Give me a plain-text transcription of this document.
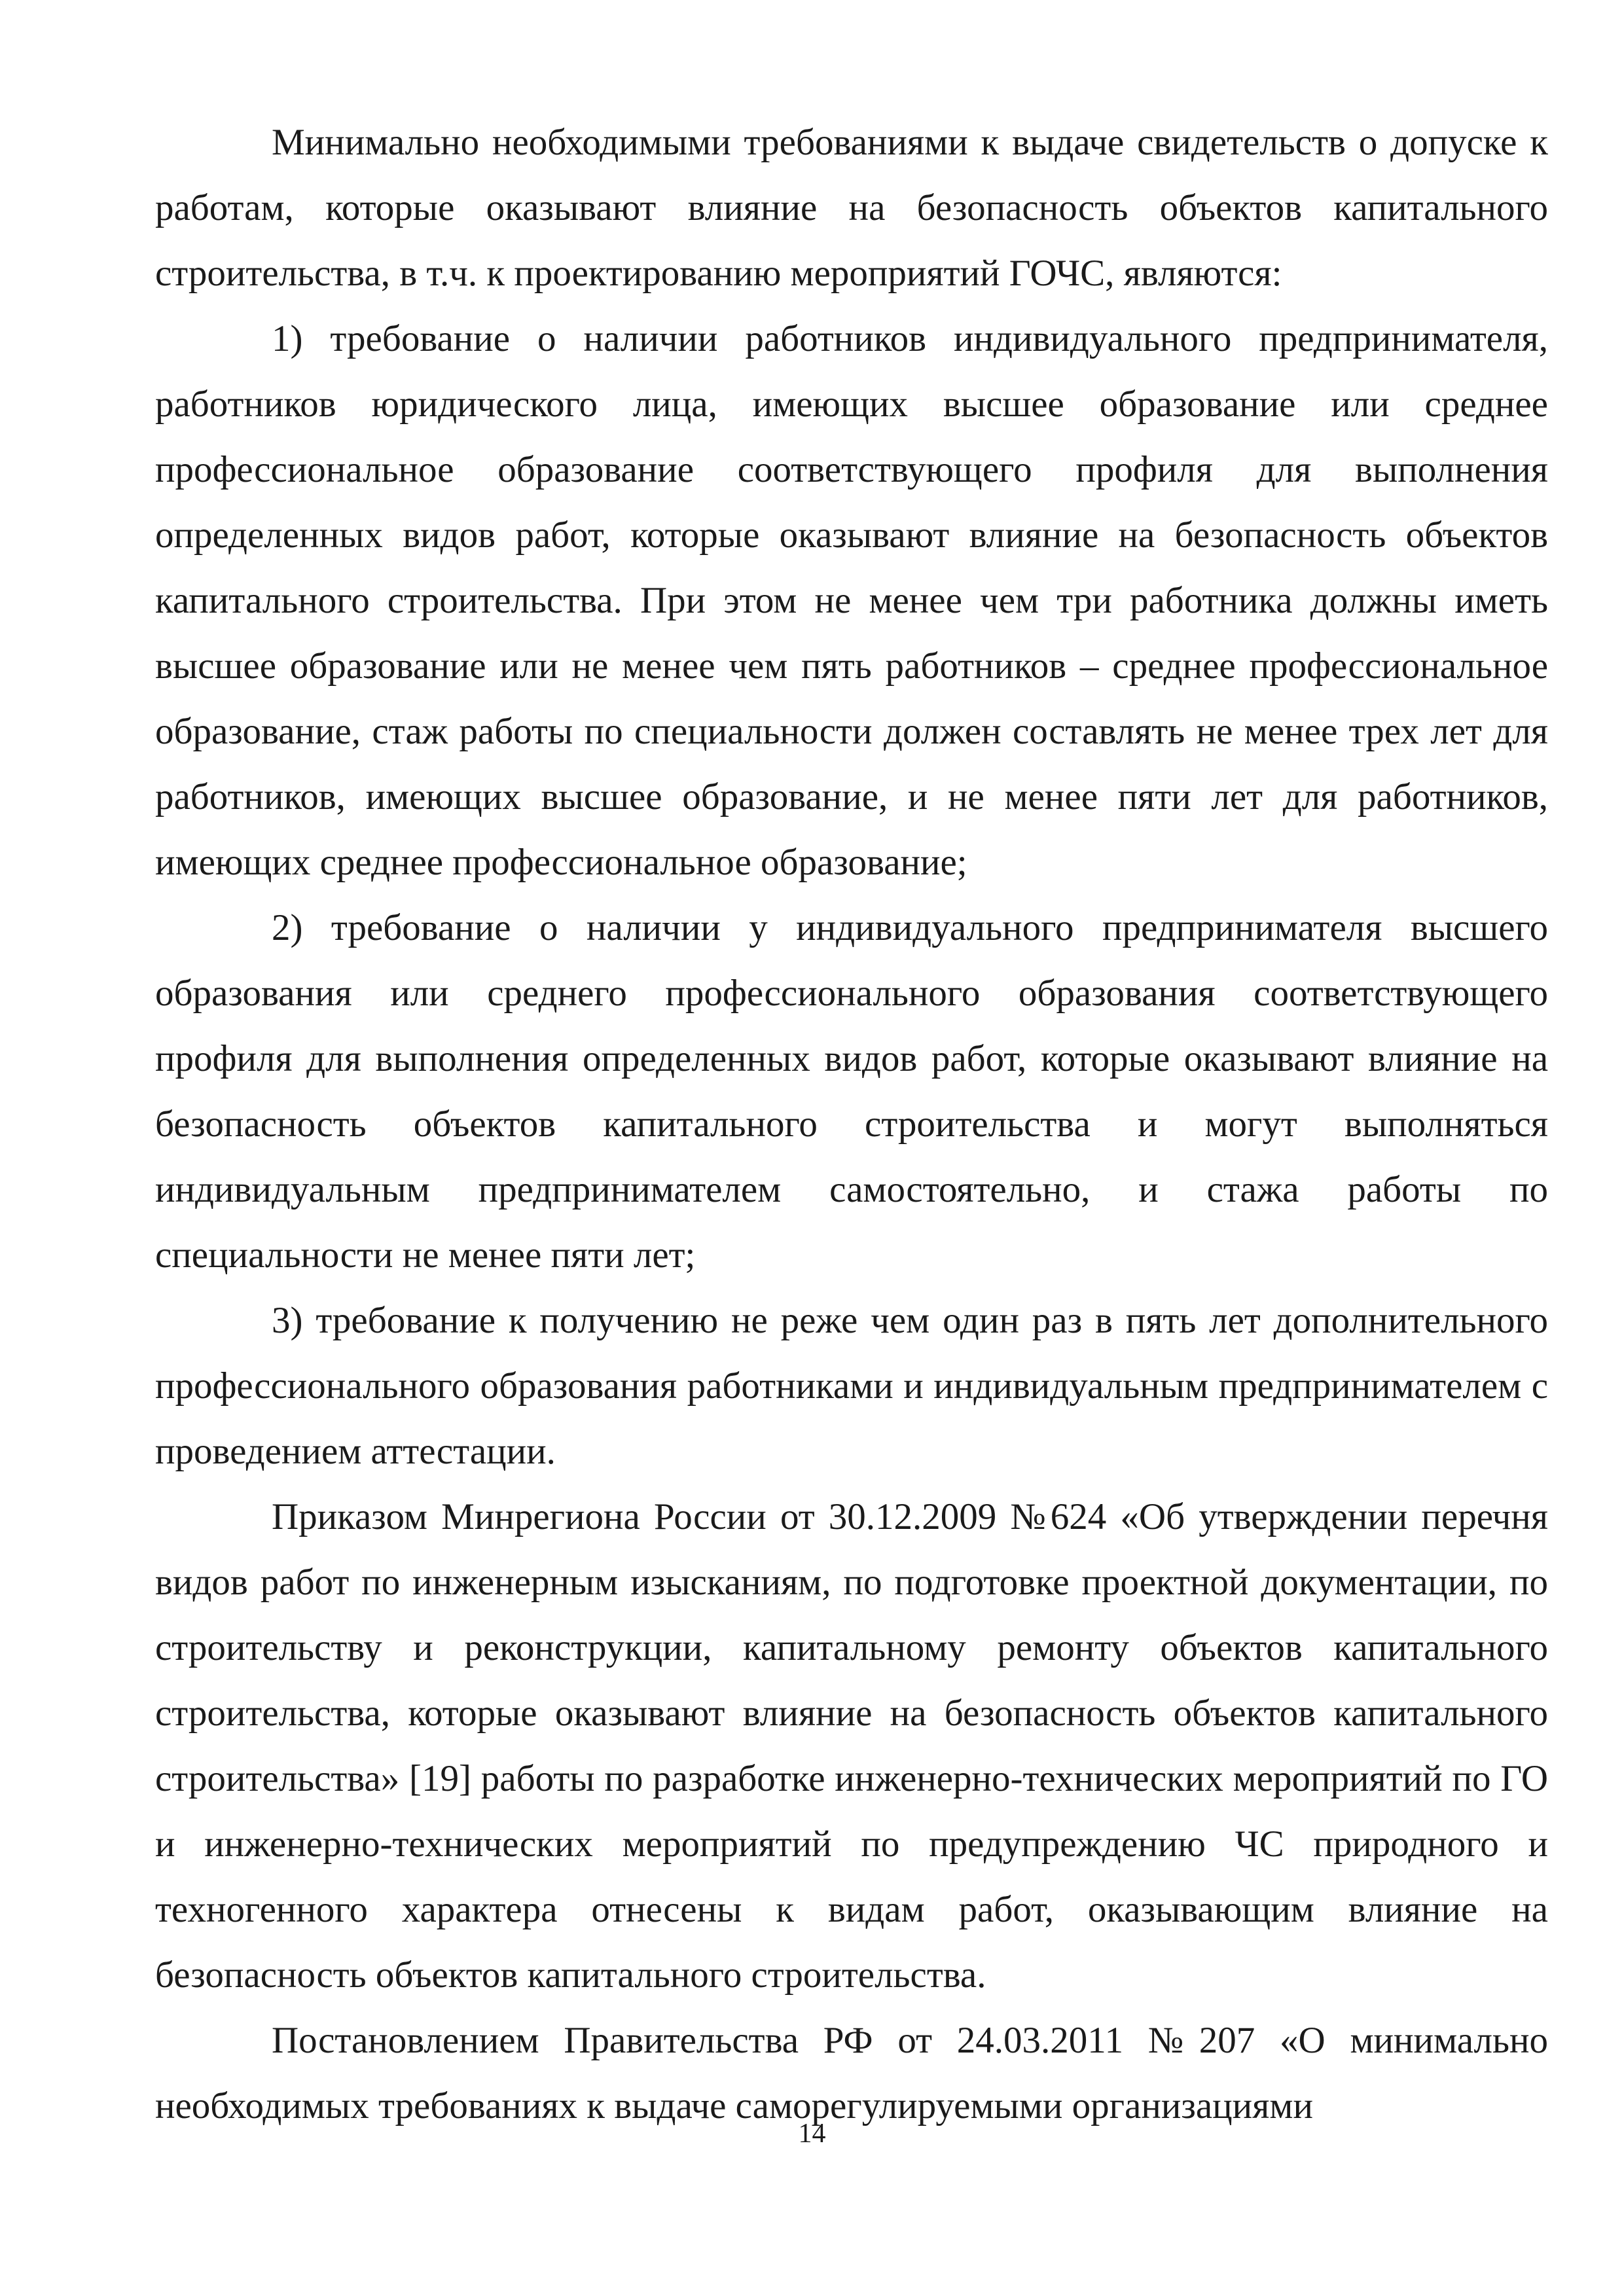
Минимально необходимыми требованиями к выдаче свидетельств о допуске к работам, которые оказывают влияние на безопасность объектов капитального строительства, в т.ч. к проектированию мероприятий ГОЧС, являются:

1) требование о наличии работников индивидуального предпринимателя, работников юридического лица, имеющих высшее образование или среднее профессиональное образование соответствующего профиля для выполнения определенных видов работ, которые оказывают влияние на безопасность объектов капитального строительства. При этом не менее чем три работника должны иметь высшее образование или не менее чем пять работников – среднее профессиональное образование, стаж работы по специальности должен составлять не менее трех лет для работников, имеющих высшее образование, и не менее пяти лет для работников, имеющих среднее профессиональное образование;

2) требование о наличии у индивидуального предпринимателя высшего образования или среднего профессионального образования соответствующего профиля для выполнения определенных видов работ, которые оказывают влияние на безопасность объектов капитального строительства и могут выполняться индивидуальным предпринимателем самостоятельно, и стажа работы по специальности не менее пяти лет;

3) требование к получению не реже чем один раз в пять лет дополнительного профессионального образования работниками и индивидуальным предпринимателем с проведением аттестации.

Приказом Минрегиона России от 30.12.2009 №624 «Об утверждении перечня видов работ по инженерным изысканиям, по подготовке проектной документации, по строительству и реконструкции, капитальному ремонту объектов капитального строительства, которые оказывают влияние на безопасность объектов капитального строительства» [19] работы по разработке инженерно-технических мероприятий по ГО и инженерно-технических мероприятий по предупреждению ЧС природного и техногенного характера отнесены к видам работ, оказывающим влияние на безопасность объектов капитального строительства.

Постановлением Правительства РФ от 24.03.2011 №207 «О минимально необходимых требованиях к выдаче саморегулируемыми организациями

14
